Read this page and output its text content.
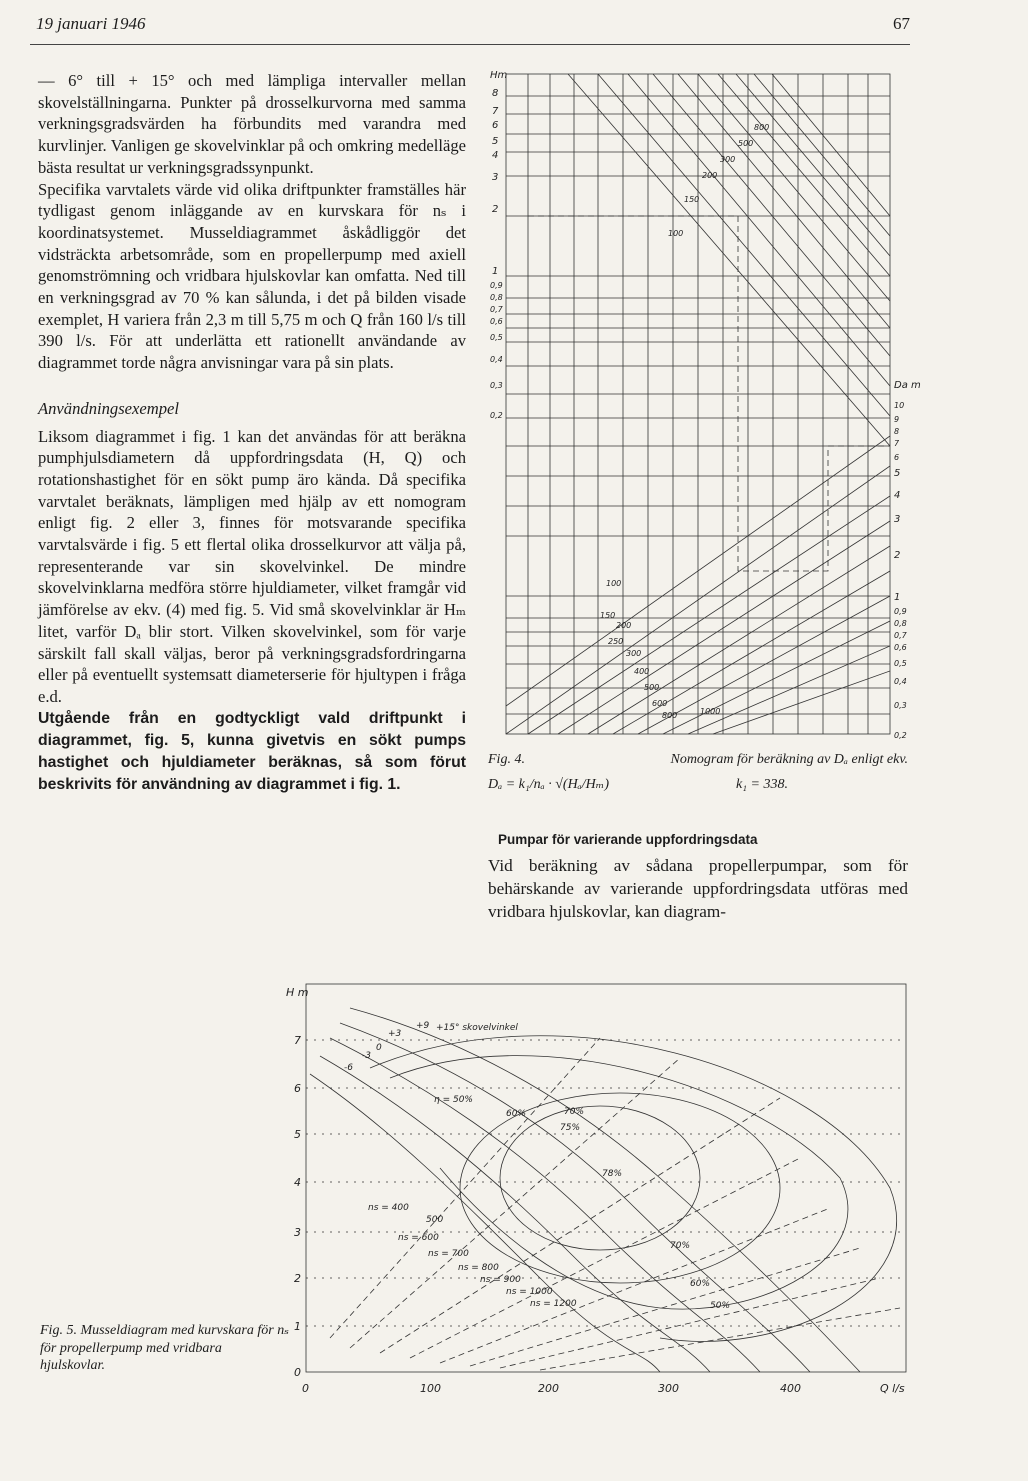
19 januari 1946	67

— 6° till + 15° och med lämpliga intervaller mellan skovelställningarna. Punkter på drosselkurvorna med samma verkningsgradsvärden ha förbundits med varandra med kurvlinjer. Vanligen ge skovelvinklar på och omkring medelläge bästa resultat ur verkningsgradssynpunkt.

Specifika varvtalets värde vid olika driftpunkter framställes här tydligast genom inläggande av en kurvskara för nₛ i koordinatsystemet. Musseldiagrammet åskådliggör det vidsträckta arbetsområde, som en propellerpump med axiell genomströmning och vridbara hjulskovlar kan omfatta. Ned till en verkningsgrad av 70 % kan sålunda, i det på bilden visade exemplet, H variera från 2,3 m till 5,75 m och Q från 160 l/s till 390 l/s. För att underlätta ett rationellt användande av diagrammet torde några anvisningar vara på sin plats.

Användningsexempel

Liksom diagrammet i fig. 1 kan det användas för att beräkna pumphjulsdiametern då uppfordringsdata (H, Q) och rotationshastighet för en sökt pump äro kända. Då specifika varvtalet beräknats, lämpligen med hjälp av ett nomogram enligt fig. 2 eller 3, finnes för motsvarande specifika varvtalsvärde i fig. 5 ett flertal olika drosselkurvor att välja på, representerande var sin skovelvinkel. De mindre skovelvinklarna medföra större hjuldiameter, vilket framgår vid jämförelse av ekv. (4) med fig. 5. Vid små skovelvinklar är Hₘ litet, varför Dₐ blir stort. Vilken skovelvinkel, som för varje särskilt fall skall väljas, beror på verkningsgradsfordringarna eller på eventuellt systemsatt diameterserie för hjultypen i fråga e.d.

Utgående från en godtyckligt vald driftpunkt i diagrammet, fig. 5, kunna givetvis en sökt pumps hastighet och hjuldiameter beräknas, så som förut beskrivits för användning av diagrammet i fig. 1.

Hm
8
7
6
5
4
3
2
1
0,9
0,8
0,7
0,6
0,5
0,4
0,3
0,2
Da m
10
9
8
7
6
5
4
3
2
1
0,9
0,8
0,7
0,6
0,5
0,4
0,3
0,2
100
150
200
250
300
400
500
600
800	1000
100
150
200
300
500
800
Fig. 4.	Nomogram för beräkning av Dₐ enligt ekv.
Dₐ = k₁/nₐ · √(Hₐ/Hₘ)	k₁ = 338.
Pumpar för varierande uppfordringsdata
Vid beräkning av sådana propellerpumpar, som för behärskande av varierande uppfordringsdata utföras med vridbara hjulskovlar, kan diagram-
H m
7
6
5
4
3
2
1
0
0	100	200	300	400	Q l/s
+15° skovelvinkel
+9
+3
0
-3
-6
η = 50%
60%	70%
75%
78%
70%
60%
50%
ns = 400
500
ns = 600
ns = 700
ns = 800
ns = 900
ns = 1000
ns = 1200
Fig. 5. Musseldiagram med kurvskara för nₛ för propellerpump med vridbara hjulskovlar.
